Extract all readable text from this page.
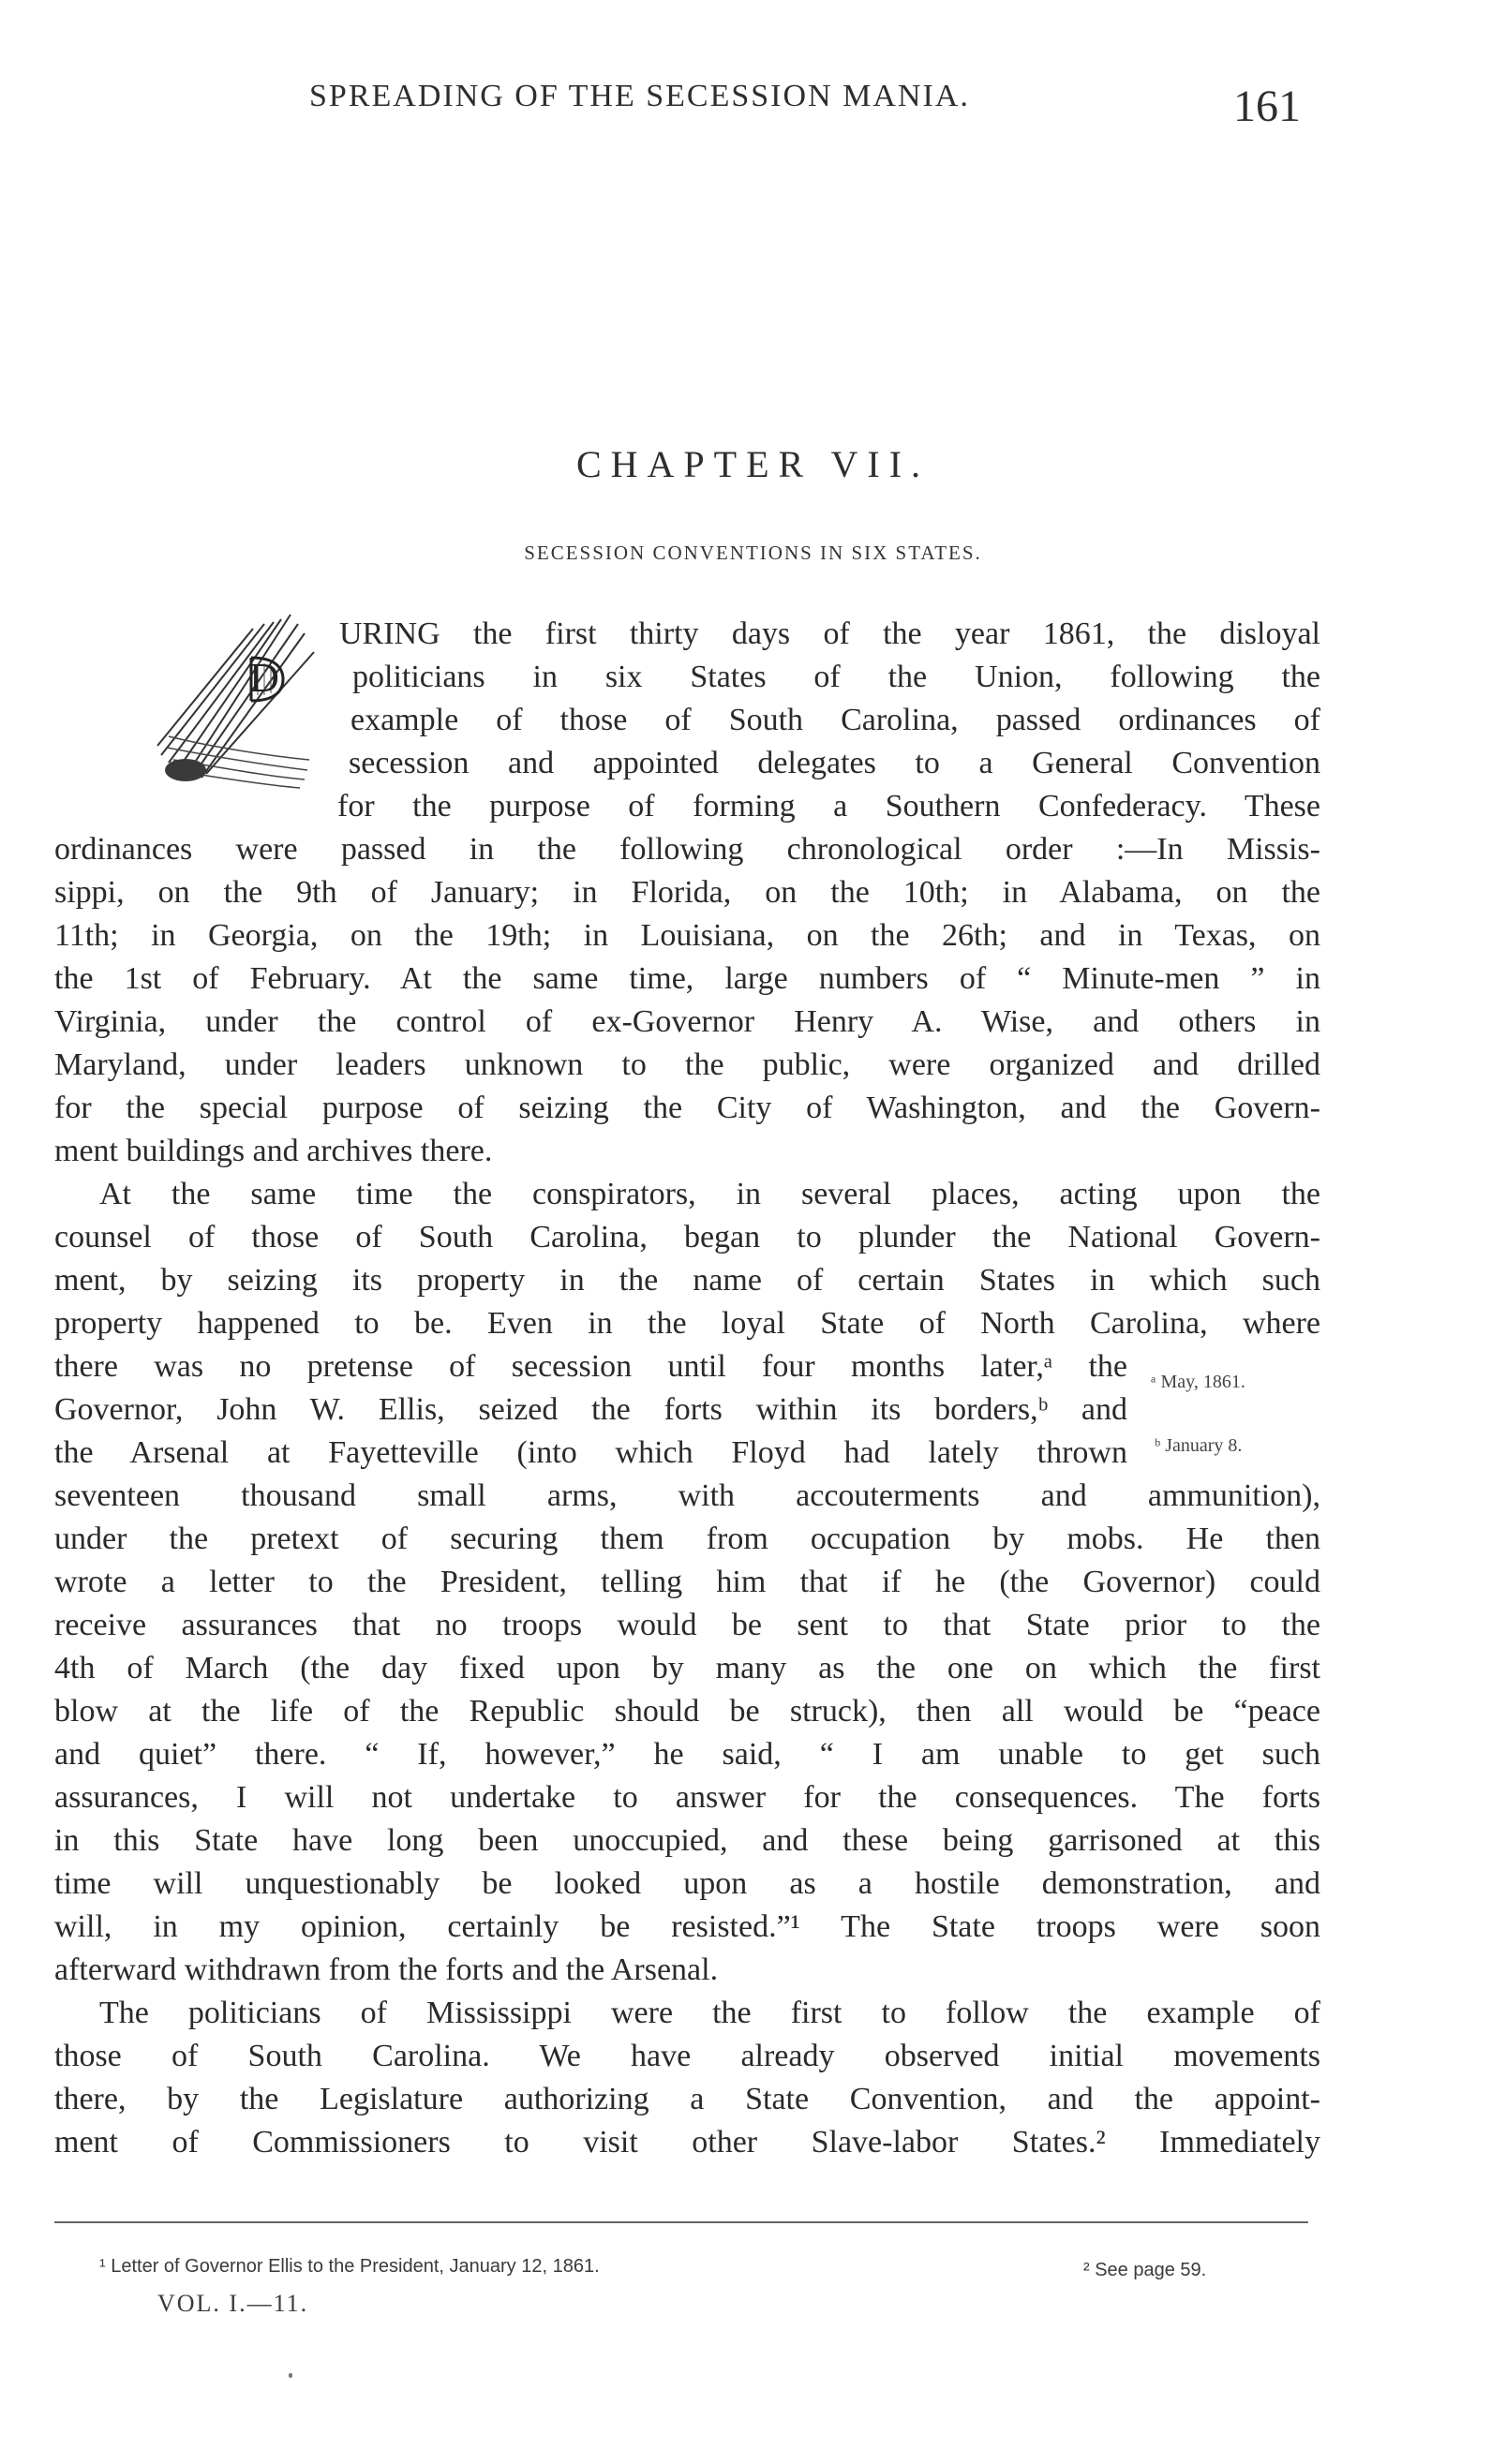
SPREADING OF THE SECESSION MANIA.	161
CHAPTER VII.
SECESSION CONVENTIONS IN SIX STATES.
D
URING the first thirty days of the year 1861, the disloyal
politicians in six States of the Union, following the
example of those of South Carolina, passed ordinances of
secession and appointed delegates to a General Convention
for the purpose of forming a Southern Confederacy. These
ordinances were passed in the following chronological order :—In Missis-
sippi, on the 9th of January; in Florida, on the 10th; in Alabama, on the
11th; in Georgia, on the 19th; in Louisiana, on the 26th; and in Texas, on
the 1st of February. At the same time, large numbers of “ Minute-men ” in
Virginia, under the control of ex-Governor Henry A. Wise, and others in
Maryland, under leaders unknown to the public, were organized and drilled
for the special purpose of seizing the City of Washington, and the Govern-
ment buildings and archives there.
At the same time the conspirators, in several places, acting upon the
counsel of those of South Carolina, began to plunder the National Govern-
ment, by seizing its property in the name of certain States in which such
property happened to be. Even in the loyal State of North Carolina, where
there was no pretense of secession until four months later,ᵃ the
Governor, John W. Ellis, seized the forts within its borders,ᵇ and
the Arsenal at Fayetteville (into which Floyd had lately thrown
seventeen thousand small arms, with accouterments and ammunition),
under the pretext of securing them from occupation by mobs. He then
wrote a letter to the President, telling him that if he (the Governor) could
receive assurances that no troops would be sent to that State prior to the
4th of March (the day fixed upon by many as the one on which the first
blow at the life of the Republic should be struck), then all would be “peace
and quiet” there. “ If, however,” he said, “ I am unable to get such
assurances, I will not undertake to answer for the consequences. The forts
in this State have long been unoccupied, and these being garrisoned at this
time will unquestionably be looked upon as a hostile demonstration, and
will, in my opinion, certainly be resisted.”¹ The State troops were soon
afterward withdrawn from the forts and the Arsenal.
The politicians of Mississippi were the first to follow the example of
those of South Carolina. We have already observed initial movements
there, by the Legislature authorizing a State Convention, and the appoint-
ment of Commissioners to visit other Slave-labor States.² Immediately
ᵃ May, 1861.
ᵇ January 8.
¹ Letter of Governor Ellis to the President, January 12, 1861.	² See page 59.
VOL. I.—11.
